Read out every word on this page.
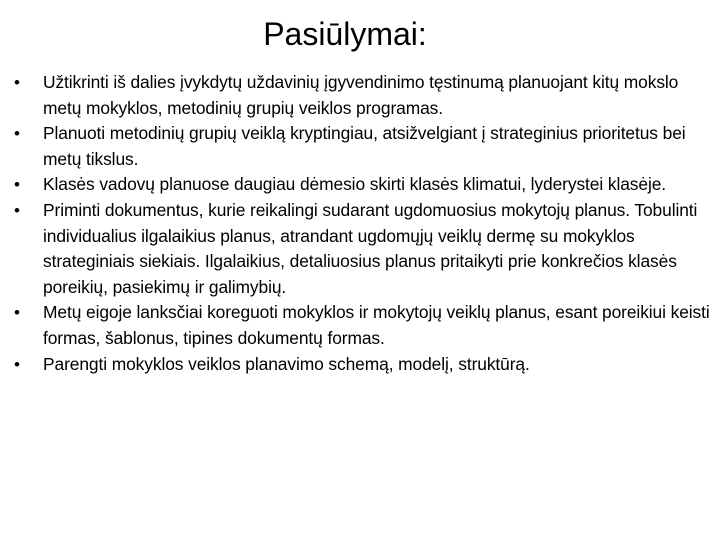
Pasiūlymai:
• Užtikrinti iš dalies įvykdytų uždavinių įgyvendinimo tęstinumą planuojant kitų mokslo metų mokyklos, metodinių grupių veiklos programas.
• Planuoti metodinių grupių veiklą kryptingiau, atsižvelgiant į strateginius prioritetus bei metų tikslus.
• Klasės vadovų planuose daugiau dėmesio skirti klasės klimatui, lyderystei klasėje.
• Priminti dokumentus, kurie reikalingi sudarant ugdomuosius mokytojų planus. Tobulinti individualius ilgalaikius planus, atrandant ugdomųjų veiklų dermę su mokyklos strateginiais siekiais. Ilgalaikius, detaliuosius planus pritaikyti prie konkrečios klasės poreikių, pasiekimų ir galimybių.
• Metų eigoje lanksčiai koreguoti mokyklos ir mokytojų veiklų planus, esant poreikiui keisti formas, šablonus, tipines dokumentų formas.
• Parengti mokyklos veiklos planavimo schemą, modelį, struktūrą.
